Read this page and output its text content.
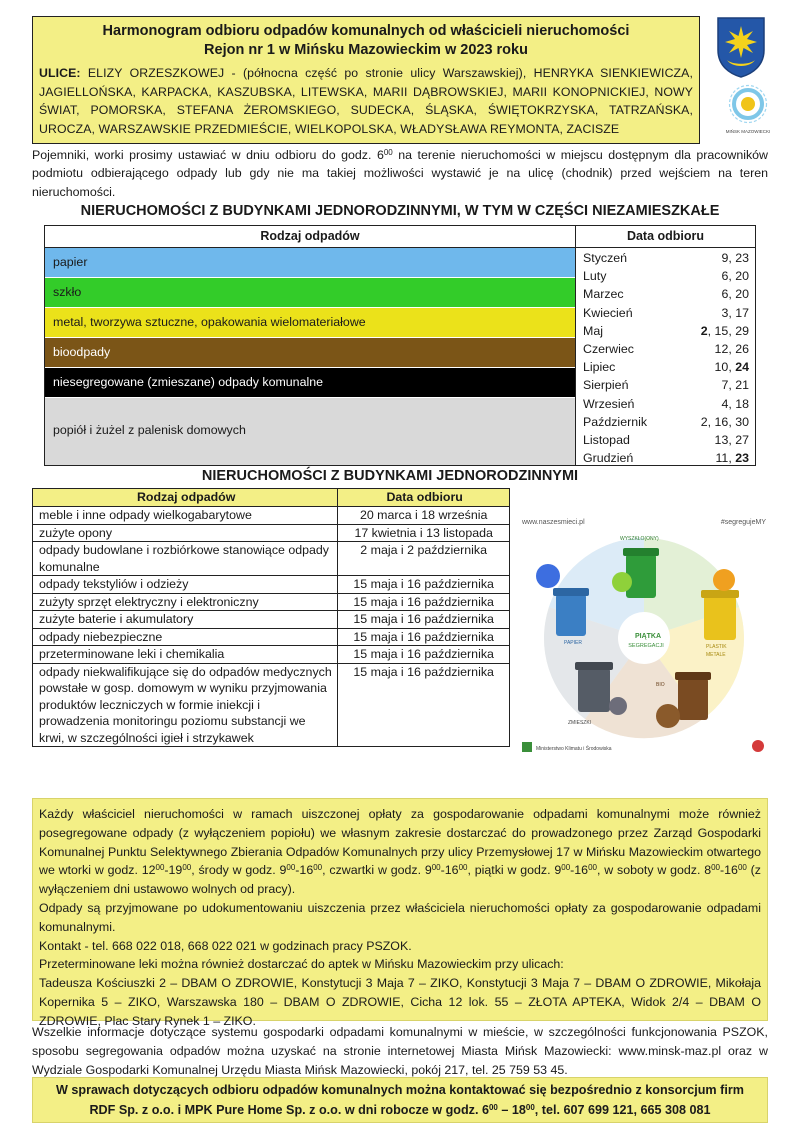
Harmonogram odbioru odpadów komunalnych od właścicieli nieruchomości
Rejon nr 1 w Mińsku Mazowieckim w 2023 roku
ULICE: ELIZY ORZESZKOWEJ - (północna część po stronie ulicy Warszawskiej), HENRYKA SIENKIEWICZA, JAGIELLOŃSKA, KARPACKA, KASZUBSKA, LITEWSKA, MARII DĄBROWSKIEJ, MARII KONOPNICKIEJ, NOWY ŚWIAT, POMORSKA, STEFANA ŻEROMSKIEGO, SUDECKA, ŚLĄSKA, ŚWIĘTOKRZYSKA, TATRZAŃSKA, UROCZA, WARSZAWSKIE PRZEDMIEŚCIE, WIELKOPOLSKA, WŁADYSŁAWA REYMONTA, ZACISZE	MIŃSK MAZOWIECKI
Pojemniki, worki prosimy ustawiać w dniu odbioru do godz. $6^{00}$ na terenie nieruchomości w miejscu dostępnym dla pracowników podmiotu odbierającego odpady lub gdy nie ma takiej możliwości wystawić je na ulicę (chodnik) przed wejściem na teren nieruchomości.
NIERUCHOMOŚCI Z BUDYNKAMI JEDNORODZINNYMI, W TYM W CZĘŚCI NIEZAMIESZKAŁE
Rodzaj odpadów
papier
szkło
metal, tworzywa sztuczne, opakowania wielomateriałowe
bioodpady
niesegregowane (zmieszane) odpady komunalne
popiół i żużel z palenisk domowych
Data odbioru
Styczeń	9, 23
Luty	6, 20
Marzec	6, 20
Kwiecień	3, 17
Maj	2, 15, 29
Czerwiec	12, 26
Lipiec	10, 24
Sierpień	7, 21
Wrzesień	4, 18
Październik	2, 16, 30
Listopad	13, 27
Grudzień	11, 23
NIERUCHOMOŚCI Z BUDYNKAMI JEDNORODZINNYMI
Rodzaj odpadów	Data odbioru
meble i inne odpady wielkogabarytowe	20 marca i 18 września
zużyte opony	17 kwietnia i 13 listopada
odpady budowlane i rozbiórkowe stanowiące odpady komunalne	2 maja i 2 października
odpady tekstyliów i odzieży	15 maja i 16 października
zużyty sprzęt elektryczny i elektroniczny	15 maja i 16 października
zużyte baterie i akumulatory	15 maja i 16 października
odpady niebezpieczne	15 maja i 16 października
przeterminowane leki i chemikalia	15 maja i 16 października
odpady niekwalifikujące się do odpadów medycznych powstałe w gosp. domowym w wyniku przyjmowania produktów leczniczych w formie iniekcji i prowadzenia monitoringu poziomu substancji we krwi, w szczególności igieł i strzykawek	15 maja i 16 października
www.naszesmieci.pl	#segregujeMY
PIĄTKA
SEGREGACJI
WYSZKŁO(ONY)
PAPIER
PLASTIK
METALE
BIO
ZMIESZKI
Ministerstwo Klimatu i Środowiska

Każdy właściciel nieruchomości w ramach uiszczonej opłaty za gospodarowanie odpadami komunalnymi może również posegregowane odpady (z wyłączeniem popiołu) we własnym zakresie dostarczać do prowadzonego przez Zarząd Gospodarki Komunalnej Punktu Selektywnego Zbierania Odpadów Komunalnych przy ulicy Przemysłowej 17 w Mińsku Mazowieckim otwartego we wtorki w godz. $12^{00}-19^{00}$, środy w godz. $9^{00}-16^{00}$, czwartki w godz. $9^{00}-16^{00}$, piątki w godz. $9^{00}-16^{00}$, w soboty w godz. $8^{00}-16^{00}$ (z wyłączeniem dni ustawowo wolnych od pracy).

Odpady są przyjmowane po udokumentowaniu uiszczenia przez właściciela nieruchomości opłaty za gospodarowanie odpadami komunalnymi.

Kontakt - tel. 668 022 018, 668 022 021 w godzinach pracy PSZOK.

Przeterminowane leki można również dostarczać do aptek w Mińsku Mazowieckim przy ulicach:

Tadeusza Kościuszki 2 – DBAM O ZDROWIE, Konstytucji 3 Maja 7 – ZIKO, Konstytucji 3 Maja 7 – DBAM O ZDROWIE, Mikołaja Kopernika 5 – ZIKO, Warszawska 180 – DBAM O ZDROWIE, Cicha 12 lok. 55 – ZŁOTA APTEKA, Widok 2/4 – DBAM O ZDROWIE, Plac Stary Rynek 1 – ZIKO.

Wszelkie informacje dotyczące systemu gospodarki odpadami komunalnymi w mieście, w szczególności funkcjonowania PSZOK, sposobu segregowania odpadów można uzyskać na stronie internetowej Miasta Mińsk Mazowiecki: www.minsk-maz.pl oraz w Wydziale Gospodarki Komunalnej Urzędu Miasta Mińsk Mazowiecki, pokój 217, tel. 25 759 53 45.
W sprawach dotyczących odbioru odpadów komunalnych można kontaktować się bezpośrednio z konsorcjum firm
RDF Sp. z o.o. i MPK Pure Home Sp. z o.o. w dni robocze w godz. $6^{00} - 18^{00}$, tel. 607 699 121, 665 308 081
